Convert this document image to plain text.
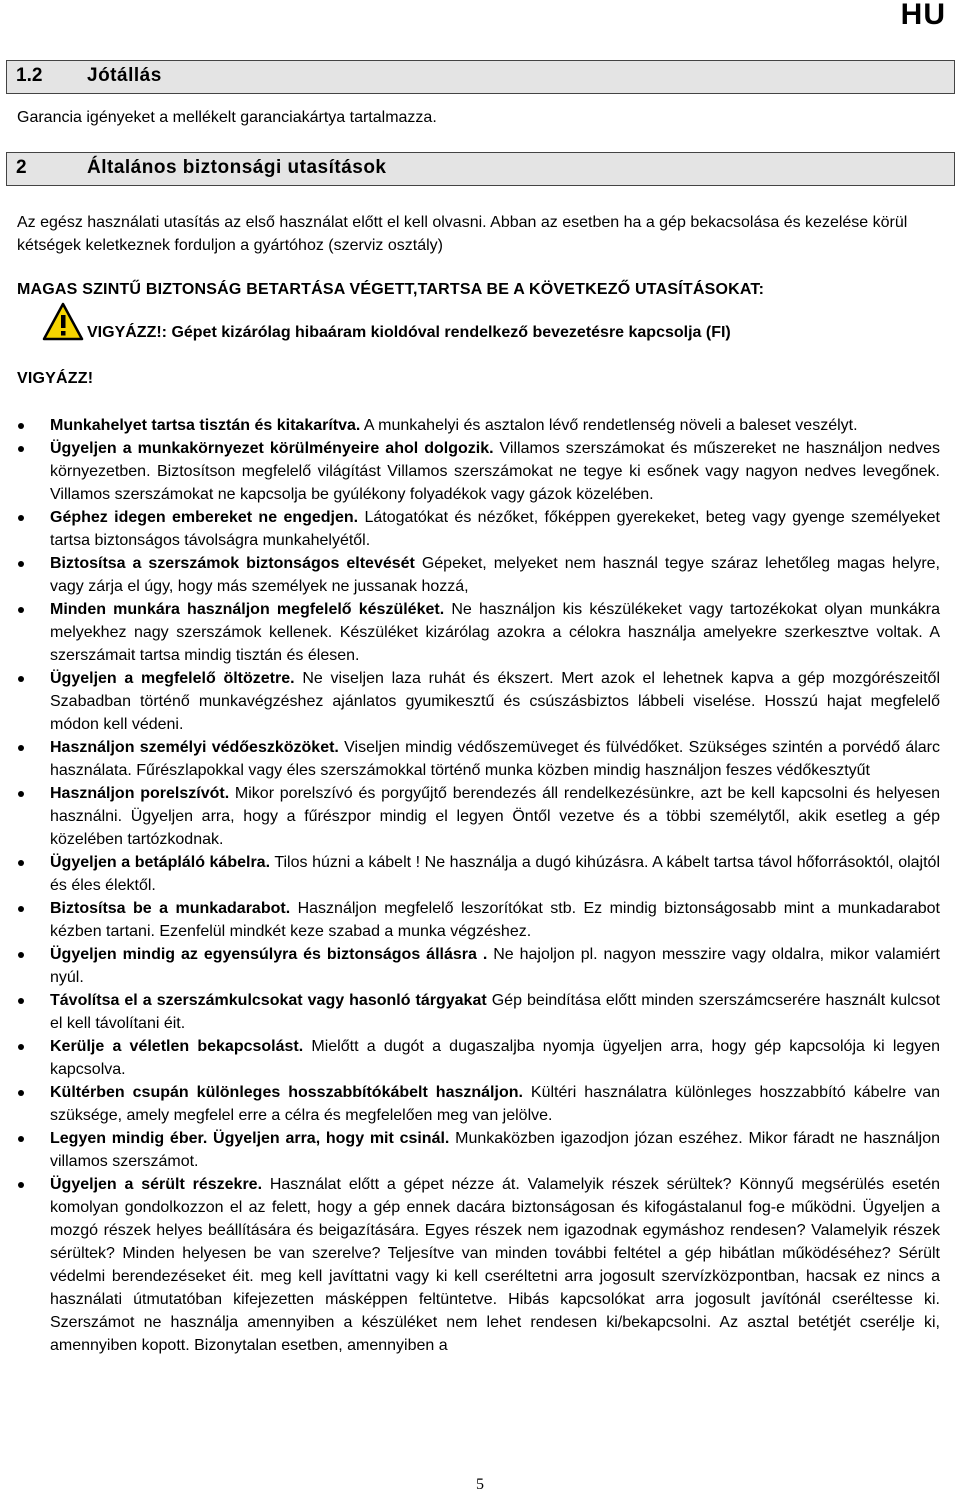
HU
1.2 Jótállás
Garancia igényeket a mellékelt garanciakártya tartalmazza.
2	Általános biztonsági utasítások
Az egész használati utasítás az első használat előtt el kell olvasni. Abban az esetben ha a gép bekacsolása és kezelése körül kétségek keletkeznek forduljon a gyártóhoz (szerviz osztály)
MAGAS SZINTŰ BIZTONSÁG BETARTÁSA VÉGETT,TARTSA BE A KÖVETKEZŐ UTASÍTÁSOKAT:
VIGYÁZZ!: Gépet kizárólag hibaáram kioldóval rendelkező bevezetésre kapcsolja (FI)
VIGYÁZZ!
Munkahelyet tartsa tisztán és kitakarítva. A munkahelyi és asztalon lévő rendetlenség növeli a baleset veszélyt.
Ügyeljen a munkakörnyezet körülményeire ahol dolgozik. Villamos szerszámokat és műszereket ne használjon nedves környezetben. Biztosítson megfelelő világítást Villamos szerszámokat ne tegye ki esőnek vagy nagyon nedves levegőnek. Villamos szerszámokat ne kapcsolja be gyúlékony folyadékok vagy gázok közelében.
Géphez idegen embereket ne engedjen. Látogatókat és nézőket, főképpen gyerekeket, beteg vagy gyenge személyeket tartsa biztonságos távolságra munkahelyétől.
Biztosítsa a szerszámok biztonságos eltevését Gépeket, melyeket nem használ tegye száraz lehetőleg magas helyre, vagy zárja el úgy, hogy más személyek ne jussanak hozzá,
Minden munkára használjon megfelelő készüléket. Ne használjon kis készülékeket vagy tartozékokat olyan munkákra melyekhez nagy szerszámok kellenek. Készüléket kizárólag azokra a célokra használja amelyekre szerkesztve voltak. A szerszámait tartsa mindig tisztán és élesen.
Ügyeljen a megfelelő öltözetre. Ne viseljen laza ruhát és ékszert. Mert azok el lehetnek kapva a gép mozgórészeitől Szabadban történő munkavégzéshez ajánlatos gyumikesztű és csúszásbiztos lábbeli viselése. Hosszú hajat megfelelő módon kell védeni.
Használjon személyi védőeszközöket. Viseljen mindig védőszemüveget és fülvédőket. Szükséges szintén a porvédő álarc használata. Fűrészlapokkal vagy éles szerszámokkal történő munka közben mindig használjon feszes védőkesztyűt
Használjon porelszívót. Mikor porelszívó és porgyűjtő berendezés áll rendelkezésünkre, azt be kell kapcsolni és helyesen használni. Ügyeljen arra, hogy a fűrészpor mindig el legyen Öntől vezetve és a többi személytől, akik esetleg a gép közelében tartózkodnak.
Ügyeljen a betápláló kábelra. Tilos húzni a kábelt ! Ne használja a dugó kihúzásra. A kábelt tartsa távol hőforrásoktól, olajtól és éles élektől.
Biztosítsa be a munkadarabot. Használjon megfelelő leszorítókat stb. Ez mindig biztonságosabb mint a munkadarabot kézben tartani. Ezenfelül mindkét keze szabad a munka végzéshez.
Ügyeljen mindig az egyensúlyra és biztonságos állásra . Ne hajoljon pl. nagyon messzire vagy oldalra, mikor valamiért nyúl.
Távolítsa el a szerszámkulcsokat vagy hasonló tárgyakat Gép beindítása előtt minden szerszámcserére használt kulcsot el kell távolítani éit.
Kerülje a véletlen bekapcsolást. Mielőtt a dugót a dugaszaljba nyomja ügyeljen arra, hogy gép kapcsolója ki legyen kapcsolva.
Kültérben csupán különleges hosszabbítókábelt használjon. Kültéri használatra különleges hoszzabbító kábelre van szüksége, amely megfelel erre a célra és megfelelően meg van jelölve.
Legyen mindig éber. Ügyeljen arra, hogy mit csinál. Munkaközben igazodjon józan eszéhez. Mikor fáradt ne használjon villamos szerszámot.
Ügyeljen a sérült részekre. Használat előtt a gépet nézze át. Valamelyik részek sérültek? Könnyű megsérülés esetén komolyan gondolkozzon el az felett, hogy a gép ennek dacára biztonságosan és kifogástalanul fog-e működni. Ügyeljen a mozgó részek helyes beállítására és beigazítására. Egyes részek nem igazodnak egymáshoz rendesen? Valamelyik részek sérültek? Minden helyesen be van szerelve? Teljesítve van minden további feltétel a gép hibátlan működéséhez? Sérült védelmi berendezéseket éit. meg kell javíttatni vagy ki kell cseréltetni arra jogosult szervízközpontban, hacsak ez nincs a használati útmutatóban kifejezetten másképpen feltüntetve. Hibás kapcsolókat arra jogosult javítónál cseréltesse ki. Szerszámot ne használja amennyiben a készüléket nem lehet rendesen ki/bekapcsolni. Az asztal betétjét cserélje ki, amennyiben kopott. Bizonytalan esetben, amennyiben a
5
